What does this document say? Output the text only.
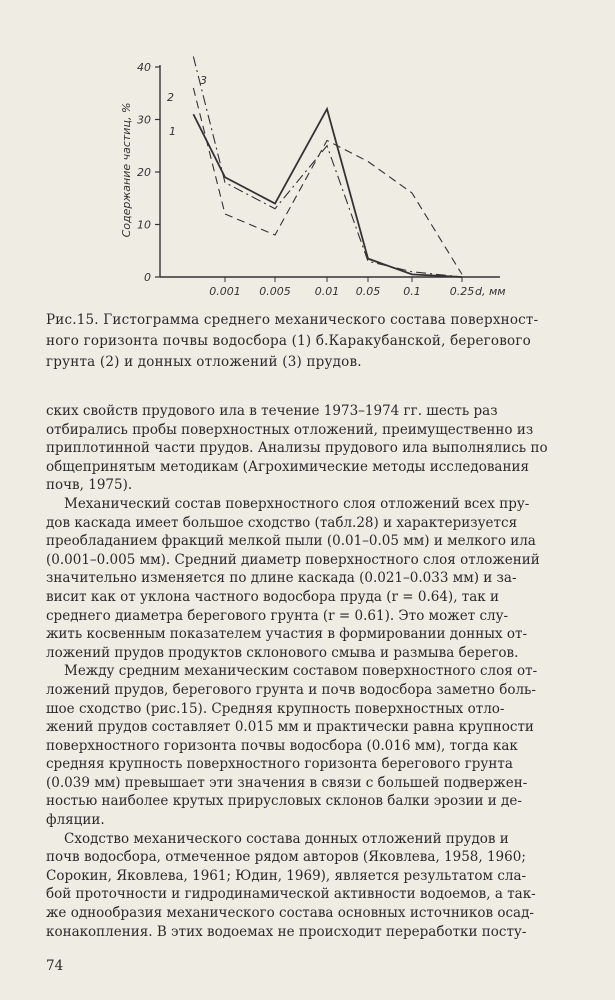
0
10
20
30
40
Содержание частиц, %
0.001 0.005 0.01 0.05 0.1	0.25 d, мм
1
2
3
Рис.15. Гистограмма среднего механического состава поверхност-
ного горизонта почвы водосбора (1) б.Каракубанской, берегового
грунта (2) и донных отложений (3) прудов.

ских свойств прудового ила в течение 1973–1974 гг. шесть раз

отбирались пробы поверхностных отложений, преимущественно из

приплотинной части прудов. Анализы прудового ила выполнялись по

общепринятым методикам (Агрохимические методы исследования

почв, 1975).

Механический состав поверхностного слоя отложений всех пру-

дов каскада имеет большое сходство (табл.28) и характеризуется

преобладанием фракций мелкой пыли (0.01–0.05 мм) и мелкого ила

(0.001–0.005 мм). Средний диаметр поверхностного слоя отложений

значительно изменяется по длине каскада (0.021–0.033 мм) и за-

висит как от уклона частного водосбора пруда (r = 0.64), так и

среднего диаметра берегового грунта (r = 0.61). Это может слу-

жить косвенным показателем участия в формировании донных от-

ложений прудов продуктов склонового смыва и размыва берегов.

Между средним механическим составом поверхностного слоя от-

ложений прудов, берегового грунта и почв водосбора заметно боль-

шое сходство (рис.15). Средняя крупность поверхностных отло-

жений прудов составляет 0.015 мм и практически равна крупности

поверхностного горизонта почвы водосбора (0.016 мм), тогда как

средняя крупность поверхностного горизонта берегового грунта

(0.039 мм) превышает эти значения в связи с большей подвержен-

ностью наиболее крутых прирусловых склонов балки эрозии и де-

фляции.

Сходство механического состава донных отложений прудов и

почв водосбора, отмеченное рядом авторов (Яковлева, 1958, 1960;

Сорокин, Яковлева, 1961; Юдин, 1969), является результатом сла-

бой проточности и гидродинамической активности водоемов, а так-

же однообразия механического состава основных источников осад-

конакопления. В этих водоемах не происходит переработки посту-

74
